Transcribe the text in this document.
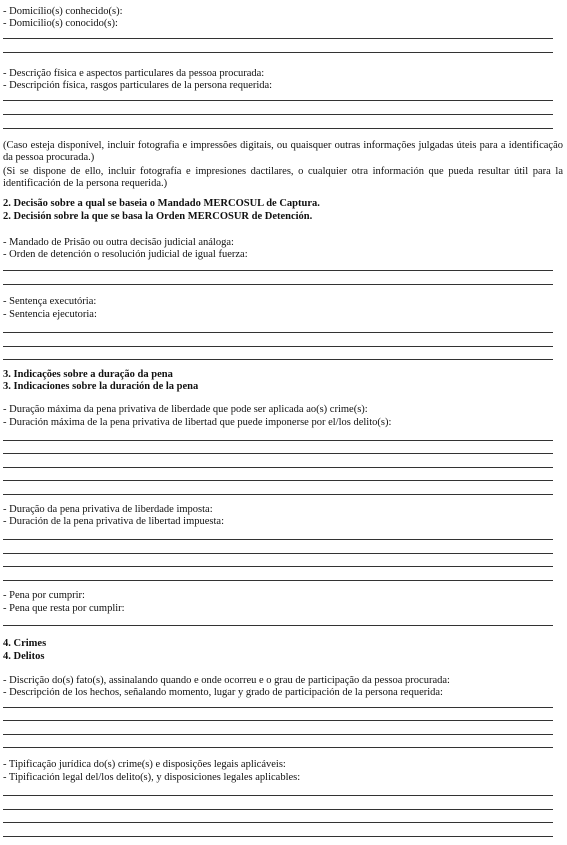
- Domicílio(s) conhecido(s):
- Domicilio(s) conocido(s):
- Descrição física e aspectos particulares da pessoa procurada:
- Descripción física, rasgos particulares de la persona requerida:
(Caso esteja disponível, incluir fotografia e impressões digitais, ou quaisquer outras informações julgadas úteis para a identificação da pessoa procurada.)
(Si se dispone de ello, incluir fotografía e impresiones dactilares, o cualquier otra información que pueda resultar útil para la identificación de la persona requerida.)
2. Decisão sobre a qual se baseia o Mandado MERCOSUL de Captura.
2. Decisión sobre la que se basa la Orden MERCOSUR de Detención.
- Mandado de Prisão ou outra decisão judicial análoga:
- Orden de detención o resolución judicial de igual fuerza:
- Sentença executória:
- Sentencia ejecutoria:
3. Indicações sobre a duração da pena
3. Indicaciones sobre la duración de la pena
- Duração máxima da pena privativa de liberdade que pode ser aplicada ao(s) crime(s):
- Duración máxima de la pena privativa de libertad que puede imponerse por el/los delito(s):
- Duração da pena privativa de liberdade imposta:
- Duración de la pena privativa de libertad impuesta:
- Pena por cumprir:
- Pena que resta por cumplir:
4. Crimes
4. Delitos
- Discrição do(s) fato(s), assinalando quando e onde ocorreu e o grau de participação da pessoa procurada:
- Descripción de los hechos, señalando momento, lugar y grado de participación de la persona requerida:
- Tipificação jurídica do(s) crime(s) e disposições legais aplicáveis:
- Tipificación legal del/los delito(s), y disposiciones legales aplicables:
